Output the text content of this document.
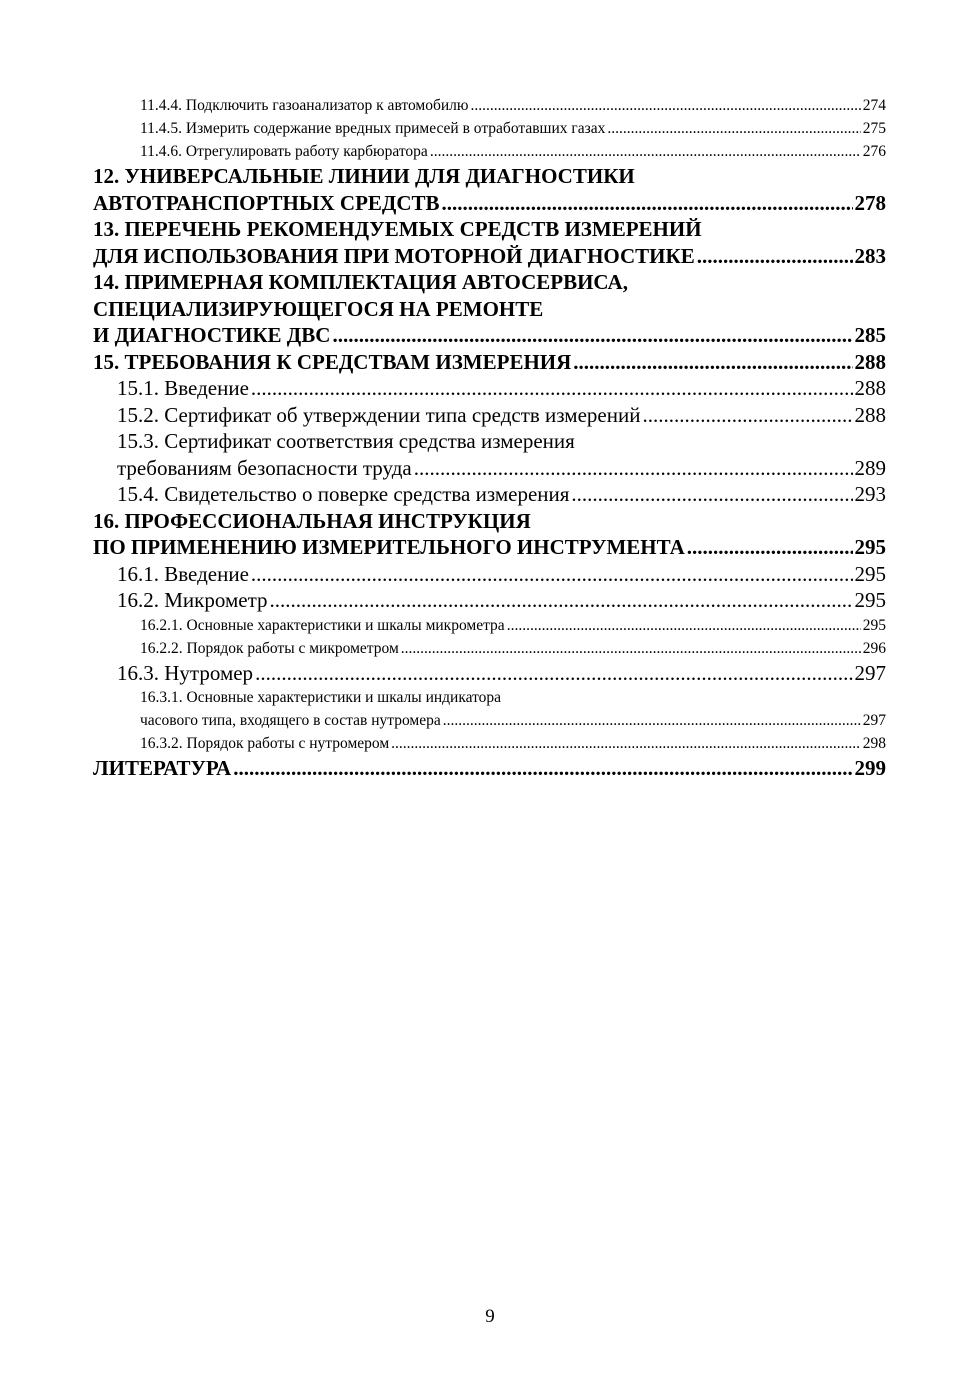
11.4.4. Подключить газоанализатор к автомобилю .....	274
11.4.5. Измерить содержание вредных примесей в отработавших газах .....	275
11.4.6. Отрегулировать работу карбюратора .....	276
12. УНИВЕРСАЛЬНЫЕ ЛИНИИ ДЛЯ ДИАГНОСТИКИ
АВТОТРАНСПОРТНЫХ СРЕДСТВ .....	278
13. ПЕРЕЧЕНЬ РЕКОМЕНДУЕМЫХ СРЕДСТВ ИЗМЕРЕНИЙ
ДЛЯ ИСПОЛЬЗОВАНИЯ ПРИ МОТОРНОЙ ДИАГНОСТИКЕ .....	283
14. ПРИМЕРНАЯ КОМПЛЕКТАЦИЯ АВТОСЕРВИСА,
СПЕЦИАЛИЗИРУЮЩЕГОСЯ НА РЕМОНТЕ
И ДИАГНОСТИКЕ ДВС .....	285
15. ТРЕБОВАНИЯ К СРЕДСТВАМ ИЗМЕРЕНИЯ .....	288
15.1. Введение .....	288
15.2. Сертификат об утверждении типа средств измерений .....	288
15.3. Сертификат соответствия средства измерения
требованиям безопасности труда .....	289
15.4. Свидетельство о поверке средства измерения .....	293
16. ПРОФЕССИОНАЛЬНАЯ ИНСТРУКЦИЯ
ПО ПРИМЕНЕНИЮ ИЗМЕРИТЕЛЬНОГО ИНСТРУМЕНТА .....	295
16.1. Введение .....	295
16.2. Микрометр .....	295
16.2.1. Основные характеристики и шкалы микрометра .....	295
16.2.2. Порядок работы с микрометром .....	296
16.3. Нутромер .....	297
16.3.1. Основные характеристики и шкалы индикатора
часового типа, входящего в состав нутромера .....	297
16.3.2. Порядок работы с нутромером .....	298
ЛИТЕРАТУРА .....	299
9
